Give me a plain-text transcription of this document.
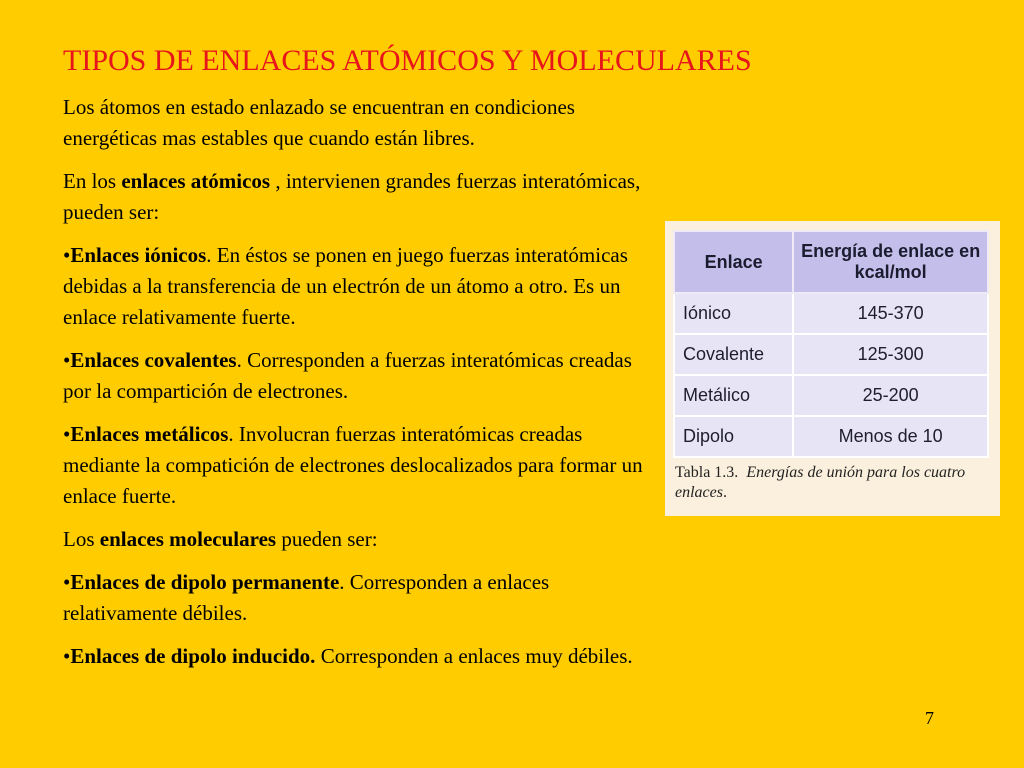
TIPOS DE ENLACES ATÓMICOS Y MOLECULARES

Los átomos en estado enlazado se encuentran en condiciones energéticas mas estables que cuando están libres.

En los enlaces atómicos , intervienen grandes fuerzas interatómicas, pueden ser:

•Enlaces iónicos. En éstos se ponen en juego fuerzas interatómicas debidas a la transferencia de un electrón de un átomo a otro. Es un enlace relativamente fuerte.

•Enlaces covalentes. Corresponden a fuerzas interatómicas creadas por la compartición de electrones.

•Enlaces metálicos. Involucran fuerzas interatómicas creadas mediante la compatición de electrones deslocalizados para formar un enlace fuerte.

Los enlaces moleculares pueden ser:

•Enlaces de dipolo permanente. Corresponden a enlaces relativamente débiles.

•Enlaces de dipolo inducido. Corresponden a enlaces muy débiles.

Enlace	Energía de enlace en kcal/mol
Iónico	145-370
Covalente	125-300
Metálico	25-200
Dipolo	Menos de 10
Tabla 1.3. Energías de unión para los cuatro enlaces.
7
